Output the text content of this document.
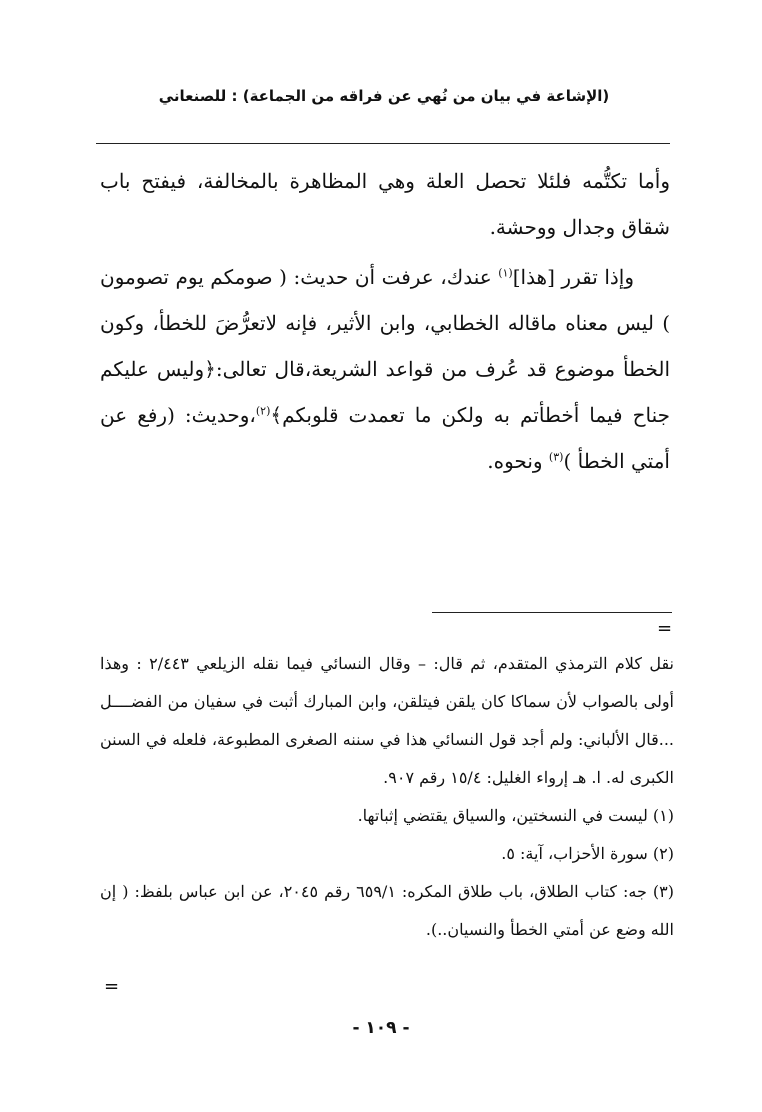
(الإشاعة في بيان من نُهي عن فراقه من الجماعة) : للصنعاني

وأما تكتُّمه فلئلا تحصل العلة وهي المظاهرة بالمخالفة، فيفتح باب شقاق وجدال ووحشة.

وإذا تقرر [هذا]$^{(١)}$ عندك، عرفت أن حديث: ( صومكم يوم تصومون ) ليس معناه ماقاله الخطابي، وابن الأثير، فإنه لاتعرُّضَ للخطأ، وكون الخطأ موضوع قد عُرف من قواعد الشريعة،قال تعالى:﴿وليس عليكم جناح فيما أخطأتم به ولكن ما تعمدت قلوبكم﴾$^{(٢)}$،وحديث: (رفع عن أمتي الخطأ )$^{(٣)}$ ونحوه.

=

نقل كلام الترمذي المتقدم، ثم قال: – وقال النسائي فيما نقله الزيلعي ٢/٤٤٣ : وهذا أولى بالصواب لأن سماكا كان يلقن فيتلقن، وابن المبارك أثبت في سفيان من الفضــــل ...قال الألباني: ولم أجد قول النسائي هذا في سننه الصغرى المطبوعة، فلعله في السنن الكبرى له. ا. هـ إرواء الغليل: ١٥/٤ رقم ٩٠٧.

(١) ليست في النسختين، والسياق يقتضي إثباتها.

(٢) سورة الأحزاب، آية: ٥.

(٣) جه: كتاب الطلاق، باب طلاق المكره: ٦٥٩/١ رقم ٢٠٤٥، عن ابن عباس بلفظ: ( إن الله وضع عن أمتي الخطأ والنسيان..).

=
- ١٠٩ -
